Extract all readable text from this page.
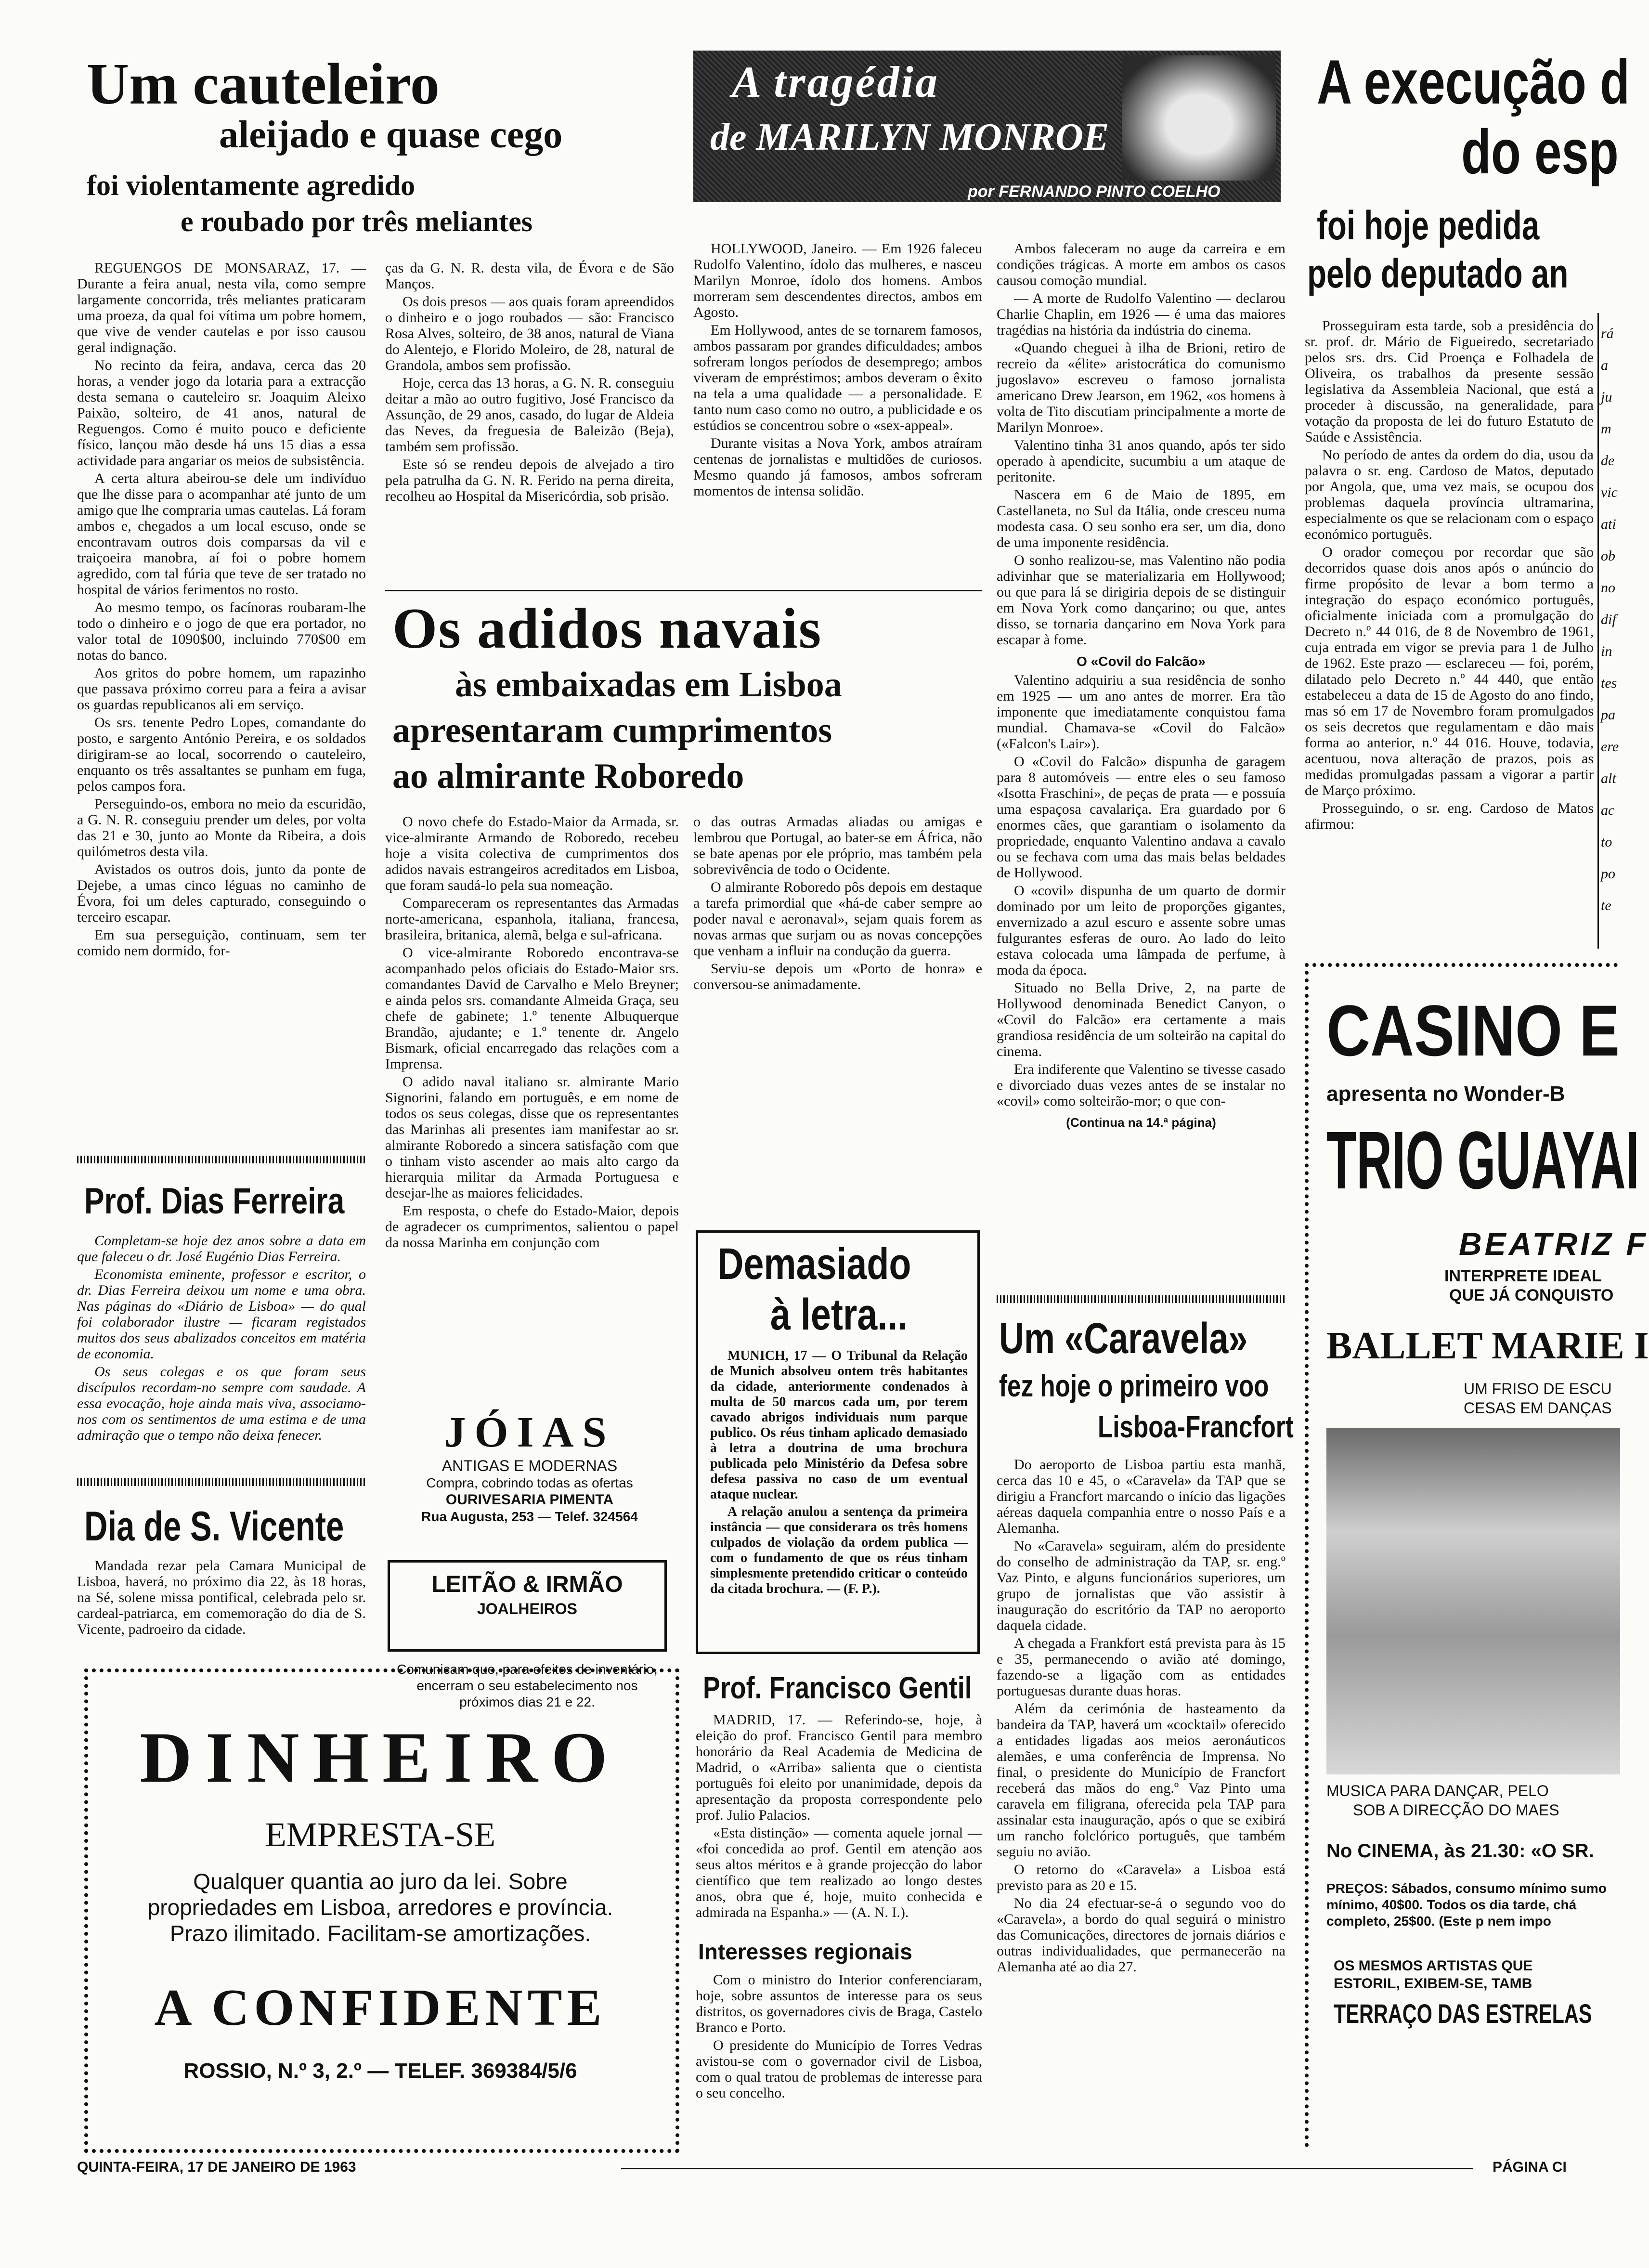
Um cauteleiro
aleijado e quase cego
foi violentamente agredido
e roubado por três meliantes

REGUENGOS DE MONSARAZ, 17. — Durante a feira anual, nesta vila, como sempre largamente concorrida, três meliantes praticaram uma proeza, da qual foi vítima um pobre homem, que vive de vender cautelas e por isso causou geral indignação.

No recinto da feira, andava, cerca das 20 horas, a vender jogo da lotaria para a extracção desta semana o cauteleiro sr. Joaquim Aleixo Paixão, solteiro, de 41 anos, natural de Reguengos. Como é muito pouco e deficiente físico, lançou mão desde há uns 15 dias a essa actividade para angariar os meios de subsistência.

A certa altura abeirou-se dele um indivíduo que lhe disse para o acompanhar até junto de um amigo que lhe compraria umas cautelas. Lá foram ambos e, chegados a um local escuso, onde se encontravam outros dois comparsas da vil e traiçoeira manobra, aí foi o pobre homem agredido, com tal fúria que teve de ser tratado no hospital de vários ferimentos no rosto.

Ao mesmo tempo, os facínoras roubaram-lhe todo o dinheiro e o jogo de que era portador, no valor total de 1090$00, incluindo 770$00 em notas do banco.

Aos gritos do pobre homem, um rapazinho que passava próximo correu para a feira a avisar os guardas republicanos ali em serviço.

Os srs. tenente Pedro Lopes, comandante do posto, e sargento António Pereira, e os soldados dirigiram-se ao local, socorrendo o cauteleiro, enquanto os três assaltantes se punham em fuga, pelos campos fora.

Perseguindo-os, embora no meio da escuridão, a G. N. R. conseguiu prender um deles, por volta das 21 e 30, junto ao Monte da Ribeira, a dois quilómetros desta vila.

Avistados os outros dois, junto da ponte de Dejebe, a umas cinco léguas no caminho de Évora, foi um deles capturado, conseguindo o terceiro escapar.

Em sua perseguição, continuam, sem ter comido nem dormido, for-

Prof. Dias Ferreira

Completam-se hoje dez anos sobre a data em que faleceu o dr. José Eugénio Dias Ferreira.

Economista eminente, professor e escritor, o dr. Dias Ferreira deixou um nome e uma obra. Nas páginas do «Diário de Lisboa» — do qual foi colaborador ilustre — ficaram registados muitos dos seus abalizados conceitos em matéria de economia.

Os seus colegas e os que foram seus discípulos recordam-no sempre com saudade. A essa evocação, hoje ainda mais viva, associamo-nos com os sentimentos de uma estima e de uma admiração que o tempo não deixa fenecer.

Dia de S. Vicente

Mandada rezar pela Camara Municipal de Lisboa, haverá, no próximo dia 22, às 18 horas, na Sé, solene missa pontifical, celebrada pelo sr. cardeal-patriarca, em comemoração do dia de S. Vicente, padroeiro da cidade.

DINHEIRO
EMPRESTA-SE
Qualquer quantia ao juro da lei. Sobre propriedades em Lisboa, arredores e província. Prazo ilimitado. Facilitam-se amortizações.
A CONFIDENTE
ROSSIO, N.º 3, 2.º — TELEF. 369384/5/6

ças da G. N. R. desta vila, de Évora e de São Manços.

Os dois presos — aos quais foram apreendidos o dinheiro e o jogo roubados — são: Francisco Rosa Alves, solteiro, de 38 anos, natural de Viana do Alentejo, e Florido Moleiro, de 28, natural de Grandola, ambos sem profissão.

Hoje, cerca das 13 horas, a G. N. R. conseguiu deitar a mão ao outro fugitivo, José Francisco da Assunção, de 29 anos, casado, do lugar de Aldeia das Neves, da freguesia de Baleizão (Beja), também sem profissão.

Este só se rendeu depois de alvejado a tiro pela patrulha da G. N. R. Ferido na perna direita, recolheu ao Hospital da Misericórdia, sob prisão.

A tragédia
de MARILYN MONROE
por FERNANDO PINTO COELHO

HOLLYWOOD, Janeiro. — Em 1926 faleceu Rudolfo Valentino, ídolo das mulheres, e nasceu Marilyn Monroe, ídolo dos homens. Ambos morreram sem descendentes directos, ambos em Agosto.

Em Hollywood, antes de se tornarem famosos, ambos passaram por grandes dificuldades; ambos sofreram longos períodos de desemprego; ambos viveram de empréstimos; ambos deveram o êxito na tela a uma qualidade — a personalidade. E tanto num caso como no outro, a publicidade e os estúdios se concentrou sobre o «sex-appeal».

Durante visitas a Nova York, ambos atraíram centenas de jornalistas e multidões de curiosos. Mesmo quando já famosos, ambos sofreram momentos de intensa solidão.

Ambos faleceram no auge da carreira e em condições trágicas. A morte em ambos os casos causou comoção mundial.

— A morte de Rudolfo Valentino — declarou Charlie Chaplin, em 1926 — é uma das maiores tragédias na história da indústria do cinema.

«Quando cheguei à ilha de Brioni, retiro de recreio da «élite» aristocrática do comunismo jugoslavo» escreveu o famoso jornalista americano Drew Jearson, em 1962, «os homens à volta de Tito discutiam principalmente a morte de Marilyn Monroe».

Valentino tinha 31 anos quando, após ter sido operado à apendicite, sucumbiu a um ataque de peritonite.

Nascera em 6 de Maio de 1895, em Castellaneta, no Sul da Itália, onde cresceu numa modesta casa. O seu sonho era ser, um dia, dono de uma imponente residência.

O sonho realizou-se, mas Valentino não podia adivinhar que se materializaria em Hollywood; ou que para lá se dirigiria depois de se distinguir em Nova York como dançarino; ou que, antes disso, se tornaria dançarino em Nova York para escapar à fome.

O «Covil do Falcão»

Valentino adquiriu a sua residência de sonho em 1925 — um ano antes de morrer. Era tão imponente que imediatamente conquistou fama mundial. Chamava-se «Covil do Falcão» («Falcon's Lair»).

O «Covil do Falcão» dispunha de garagem para 8 automóveis — entre eles o seu famoso «Isotta Fraschini», de peças de prata — e possuía uma espaçosa cavalariça. Era guardado por 6 enormes cães, que garantiam o isolamento da propriedade, enquanto Valentino andava a cavalo ou se fechava com uma das mais belas beldades de Hollywood.

O «covil» dispunha de um quarto de dormir dominado por um leito de proporções gigantes, envernizado a azul escuro e assente sobre umas fulgurantes esferas de ouro. Ao lado do leito estava colocada uma lâmpada de perfume, à moda da época.

Situado no Bella Drive, 2, na parte de Hollywood denominada Benedict Canyon, o «Covil do Falcão» era certamente a mais grandiosa residência de um solteirão na capital do cinema.

Era indiferente que Valentino se tivesse casado e divorciado duas vezes antes de se instalar no «covil» como solteirão-mor; o que con-

(Continua na 14.ª página)
Os adidos navais
às embaixadas em Lisboa
apresentaram cumprimentos
ao almirante Roboredo

O novo chefe do Estado-Maior da Armada, sr. vice-almirante Armando de Roboredo, recebeu hoje a visita colectiva de cumprimentos dos adidos navais estrangeiros acreditados em Lisboa, que foram saudá-lo pela sua nomeação.

Compareceram os representantes das Armadas norte-americana, espanhola, italiana, francesa, brasileira, britanica, alemã, belga e sul-africana.

O vice-almirante Roboredo encontrava-se acompanhado pelos oficiais do Estado-Maior srs. comandantes David de Carvalho e Melo Breyner; e ainda pelos srs. comandante Almeida Graça, seu chefe de gabinete; 1.º tenente Albuquerque Brandão, ajudante; e 1.º tenente dr. Angelo Bismark, oficial encarregado das relações com a Imprensa.

O adido naval italiano sr. almirante Mario Signorini, falando em português, e em nome de todos os seus colegas, disse que os representantes das Marinhas ali presentes iam manifestar ao sr. almirante Roboredo a sincera satisfação com que o tinham visto ascender ao mais alto cargo da hierarquia militar da Armada Portuguesa e desejar-lhe as maiores felicidades.

Em resposta, o chefe do Estado-Maior, depois de agradecer os cumprimentos, salientou o papel da nossa Marinha em conjunção com

o das outras Armadas aliadas ou amigas e lembrou que Portugal, ao bater-se em África, não se bate apenas por ele próprio, mas também pela sobrevivência de todo o Ocidente.

O almirante Roboredo pôs depois em destaque a tarefa primordial que «há-de caber sempre ao poder naval e aeronaval», sejam quais forem as novas armas que surjam ou as novas concepções que venham a influir na condução da guerra.

Serviu-se depois um «Porto de honra» e conversou-se animadamente.

JÓIAS
ANTIGAS E MODERNAS
Compra, cobrindo todas as ofertas
OURIVESARIA PIMENTA
Rua Augusta, 253 — Telef. 324564
LEITÃO & IRMÃO
JOALHEIROS
Comunicam que, para efeitos de inventário, encerram o seu estabelecimento nos próximos dias 21 e 22.
Demasiado
à letra...

MUNICH, 17 — O Tribunal da Relação de Munich absolveu ontem três habitantes da cidade, anteriormente condenados à multa de 50 marcos cada um, por terem cavado abrigos individuais num parque publico. Os réus tinham aplicado demasiado à letra a doutrina de uma brochura publicada pelo Ministério da Defesa sobre defesa passiva no caso de um eventual ataque nuclear.

A relação anulou a sentença da primeira instância — que considerara os três homens culpados de violação da ordem publica — com o fundamento de que os réus tinham simplesmente pretendido criticar o conteúdo da citada brochura. — (F. P.).

Prof. Francisco Gentil

MADRID, 17. — Referindo-se, hoje, à eleição do prof. Francisco Gentil para membro honorário da Real Academia de Medicina de Madrid, o «Arriba» salienta que o cientista português foi eleito por unanimidade, depois da apresentação da proposta correspondente pelo prof. Julio Palacios.

«Esta distinção» — comenta aquele jornal — «foi concedida ao prof. Gentil em atenção aos seus altos méritos e à grande projecção do labor científico que tem realizado ao longo destes anos, obra que é, hoje, muito conhecida e admirada na Espanha.» — (A. N. I.).

Interesses regionais

Com o ministro do Interior conferenciaram, hoje, sobre assuntos de interesse para os seus distritos, os governadores civis de Braga, Castelo Branco e Porto.

O presidente do Município de Torres Vedras avistou-se com o governador civil de Lisboa, com o qual tratou de problemas de interesse para o seu concelho.

Um «Caravela»
fez hoje o primeiro voo
Lisboa-Francfort

Do aeroporto de Lisboa partiu esta manhã, cerca das 10 e 45, o «Caravela» da TAP que se dirigiu a Francfort marcando o início das ligações aéreas daquela companhia entre o nosso País e a Alemanha.

No «Caravela» seguiram, além do presidente do conselho de administração da TAP, sr. eng.º Vaz Pinto, e alguns funcionários superiores, um grupo de jornalistas que vão assistir à inauguração do escritório da TAP no aeroporto daquela cidade.

A chegada a Frankfort está prevista para às 15 e 35, permanecendo o avião até domingo, fazendo-se a ligação com as entidades portuguesas durante duas horas.

Além da cerimónia de hasteamento da bandeira da TAP, haverá um «cocktail» oferecido a entidades ligadas aos meios aeronáuticos alemães, e uma conferência de Imprensa. No final, o presidente do Município de Francfort receberá das mãos do eng.º Vaz Pinto uma caravela em filigrana, oferecida pela TAP para assinalar esta inauguração, após o que se exibirá um rancho folclórico português, que também seguiu no avião.

O retorno do «Caravela» a Lisboa está previsto para as 20 e 15.

No dia 24 efectuar-se-á o segundo voo do «Caravela», a bordo do qual seguirá o ministro das Comunicações, directores de jornais diários e outras individualidades, que permanecerão na Alemanha até ao dia 27.

A execução d
do esp
foi hoje pedida
pelo deputado an

Prosseguiram esta tarde, sob a presidência do sr. prof. dr. Mário de Figueiredo, secretariado pelos srs. drs. Cid Proença e Folhadela de Oliveira, os trabalhos da presente sessão legislativa da Assembleia Nacional, que está a proceder à discussão, na generalidade, para votação da proposta de lei do futuro Estatuto de Saúde e Assistência.

No período de antes da ordem do dia, usou da palavra o sr. eng. Cardoso de Matos, deputado por Angola, que, uma vez mais, se ocupou dos problemas daquela província ultramarina, especialmente os que se relacionam com o espaço económico português.

O orador começou por recordar que são decorridos quase dois anos após o anúncio do firme propósito de levar a bom termo a integração do espaço económico português, oficialmente iniciada com a promulgação do Decreto n.º 44 016, de 8 de Novembro de 1961, cuja entrada em vigor se previa para 1 de Julho de 1962. Este prazo — esclareceu — foi, porém, dilatado pelo Decreto n.º 44 440, que então estabeleceu a data de 15 de Agosto do ano findo, mas só em 17 de Novembro foram promulgados os seis decretos que regulamentam e dão mais forma ao anterior, n.º 44 016. Houve, todavia, acentuou, nova alteração de prazos, pois as medidas promulgadas passam a vigorar a partir de Março próximo.

Prosseguindo, o sr. eng. Cardoso de Matos afirmou:

rá
a
ju
m
de
vic
ati
ob
no
dif
in
tes
pa
ere
alt
ac
to
po
te
CASINO E
apresenta no Wonder-B
TRIO GUAYAI
BEATRIZ F
INTERPRETE IDEAL
QUE JÁ CONQUISTO
BALLET MARIE I
UM FRISO DE ESCU
CESAS EM DANÇAS
MUSICA PARA DANÇAR, PELO
SOB A DIRECÇÃO DO MAES
No CINEMA, às 21.30: «O SR.
PREÇOS: Sábados, consumo mínimo sumo mínimo, 40$00. Todos os dia tarde, chá completo, 25$00. (Este p nem impo
OS MESMOS ARTISTAS QUE
ESTORIL, EXIBEM-SE, TAMB
TERRAÇO DAS ESTRELAS
QUINTA-FEIRA, 17 DE JANEIRO DE 1963	PÁGINA CI
